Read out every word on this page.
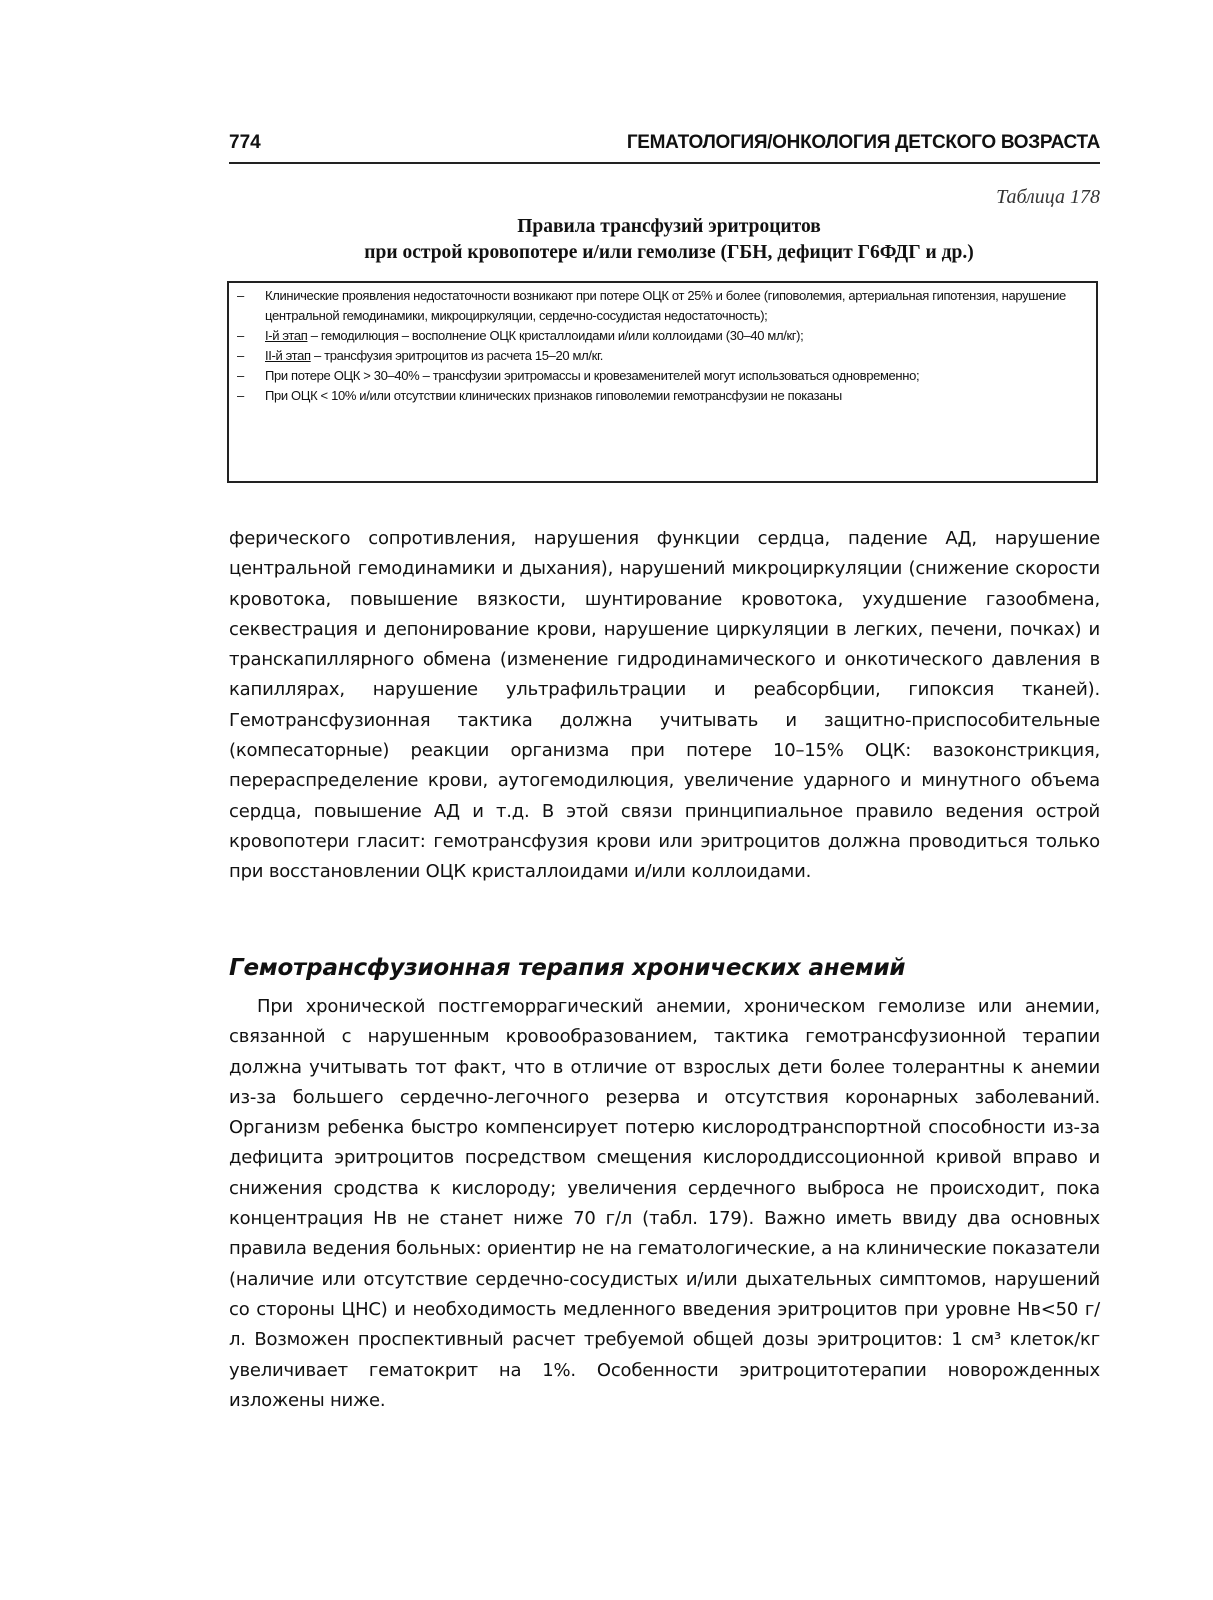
774	ГЕМАТОЛОГИЯ/ОНКОЛОГИЯ ДЕТСКОГО ВОЗРАСТА
Таблица 178
Правила трансфузий эритроцитов
при острой кровопотере и/или гемолизе (ГБН, дефицит Г6ФДГ и др.)
– Клинические проявления недостаточности возникают при потере ОЦК от 25% и более (гиповолемия, артериальная гипотензия, нарушение центральной гемодинамики, микроциркуляции, сердечно-сосудистая недостаточность);
– I-й этап – гемодилюция – восполнение ОЦК кристаллоидами и/или коллоидами (30–40 мл/кг);
– II-й этап – трансфузия эритроцитов из расчета 15–20 мл/кг.
– При потере ОЦК > 30–40% – трансфузии эритромассы и кровезаменителей могут использоваться одновременно;
– При ОЦК < 10% и/или отсутствии клинических признаков гиповолемии гемотрансфузии не показаны

ферического сопротивления, нарушения функции сердца, падение АД, нарушение центральной гемодинамики и дыхания), нарушений микроциркуляции (снижение скорости кровотока, повышение вязкости, шунтирование кровотока, ухудшение газообмена, секвестрация и депонирование крови, нарушение циркуляции в легких, печени, почках) и транскапиллярного обмена (изменение гидродинамического и онкотического давления в капиллярах, нарушение ультрафильтрации и реабсорбции, гипоксия тканей). Гемотрансфузионная тактика должна учитывать и защитно-приспособительные (компесаторные) реакции организма при потере 10–15% ОЦК: вазоконстрикция, перераспределение крови, аутогемодилюция, увеличение ударного и минутного объема сердца, повышение АД и т.д. В этой связи принципиальное правило ведения острой кровопотери гласит: гемотрансфузия крови или эритроцитов должна проводиться только при восстановлении ОЦК кристаллоидами и/или коллоидами.

Гемотрансфузионная терапия хронических анемий

При хронической постгеморрагический анемии, хроническом гемолизе или анемии, связанной с нарушенным кровообразованием, тактика гемотрансфузионной терапии должна учитывать тот факт, что в отличие от взрослых дети более толерантны к анемии из-за большего сердечно-легочного резерва и отсутствия коронарных заболеваний. Организм ребенка быстро компенсирует потерю кислородтранспортной способности из-за дефицита эритроцитов посредством смещения кислороддиссоционной кривой вправо и снижения сродства к кислороду; увеличения сердечного выброса не происходит, пока концентрация Нв не станет ниже 70 г/л (табл. 179). Важно иметь ввиду два основных правила ведения больных: ориентир не на гематологические, а на клинические показатели (наличие или отсутствие сердечно-сосудистых и/или дыхательных симптомов, нарушений со стороны ЦНС) и необходимость медленного введения эритроцитов при уровне Нв<50 г/л. Возможен проспективный расчет требуемой общей дозы эритроцитов: 1 см³ клеток/кг увеличивает гематокрит на 1%. Особенности эритроцитотерапии новорожденных изложены ниже.
